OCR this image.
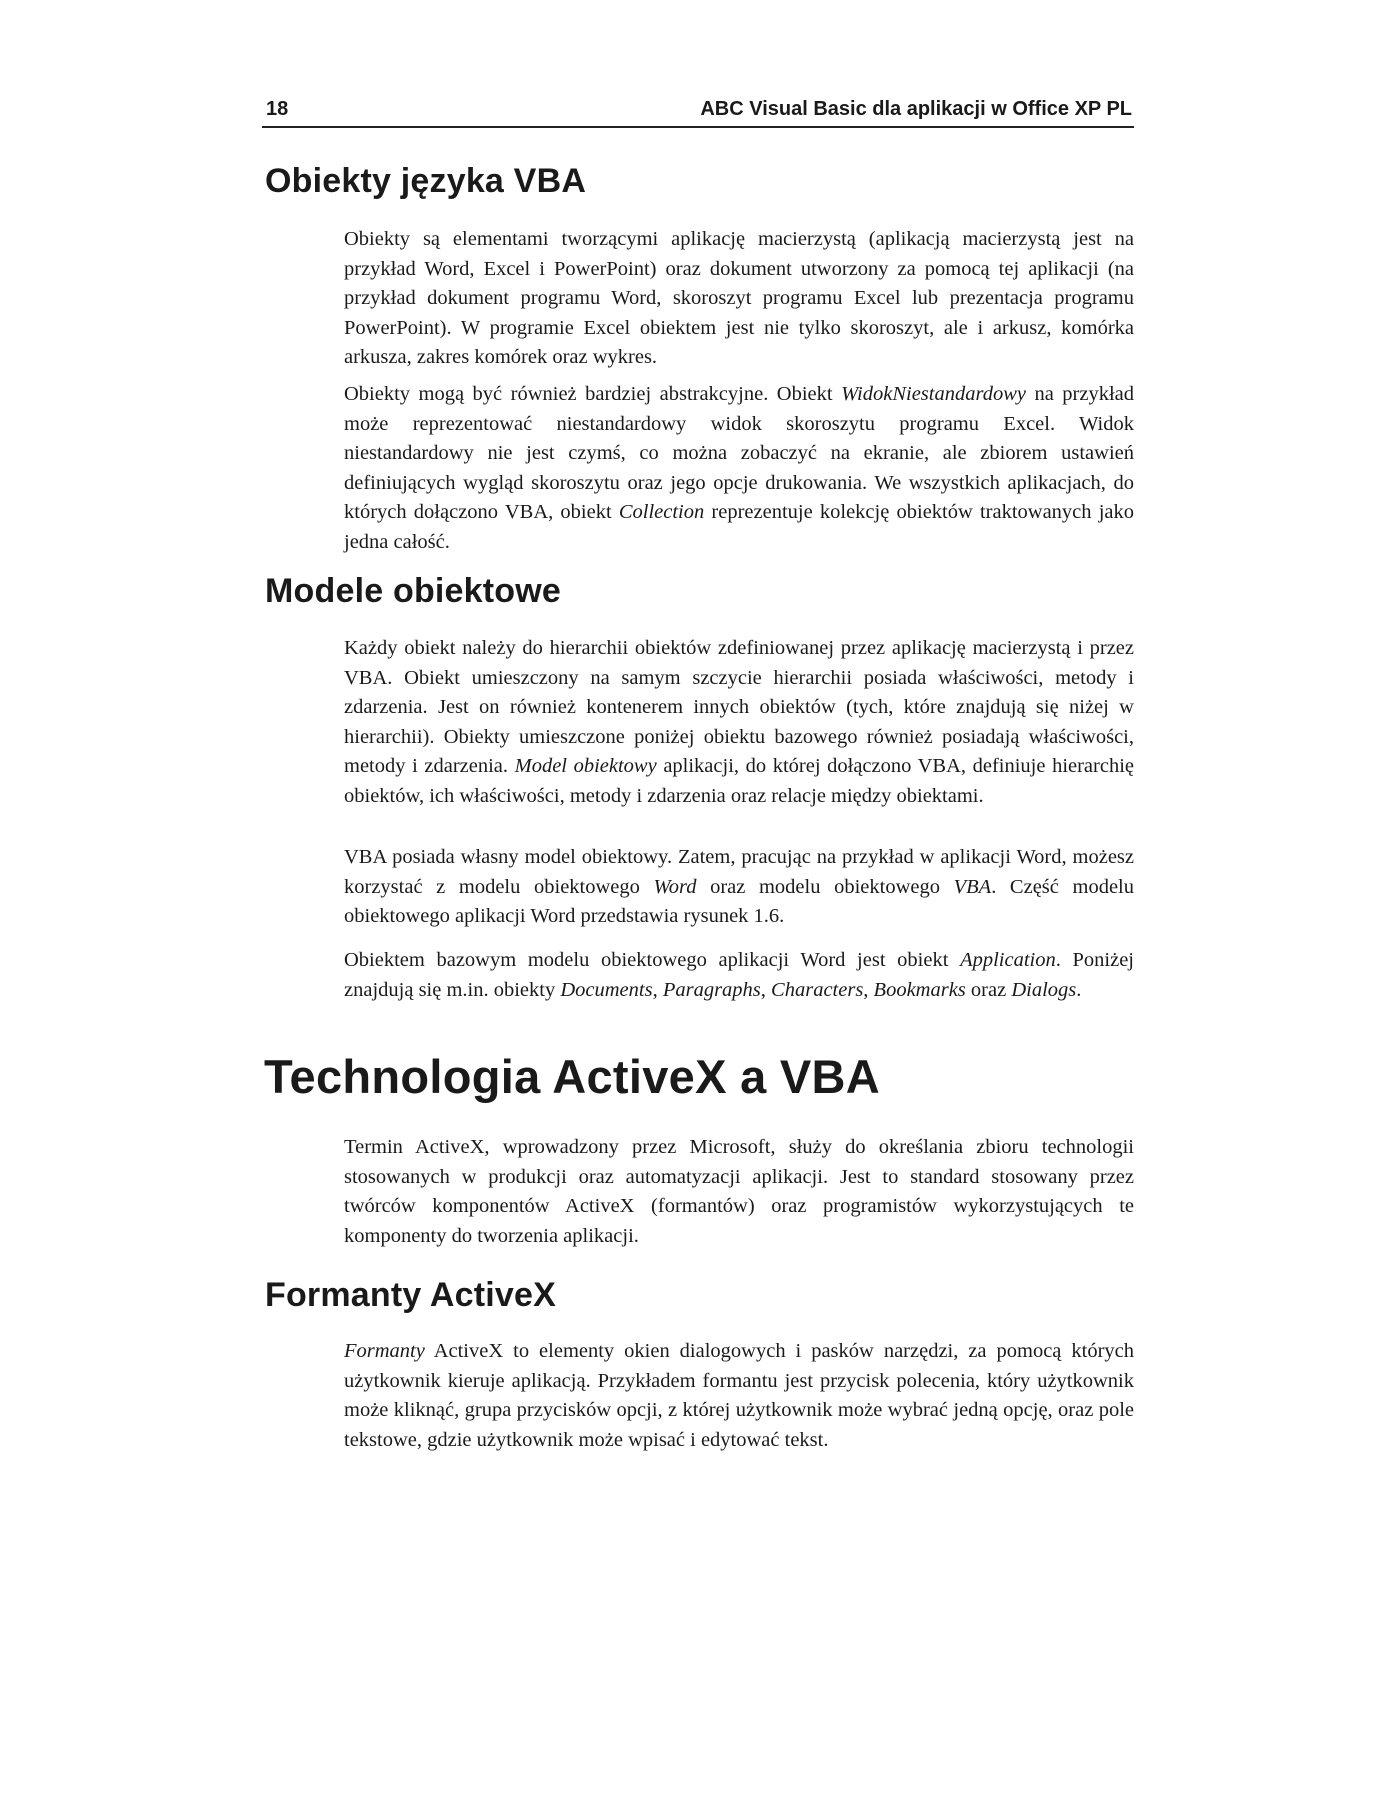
18	ABC Visual Basic dla aplikacji w Office XP PL
Obiekty języka VBA

Obiekty są elementami tworzącymi aplikację macierzystą (aplikacją macierzystą jest na przykład Word, Excel i PowerPoint) oraz dokument utworzony za pomocą tej aplikacji (na przykład dokument programu Word, skoroszyt programu Excel lub prezentacja programu PowerPoint). W programie Excel obiektem jest nie tylko skoroszyt, ale i arkusz, komórka arkusza, zakres komórek oraz wykres.

Obiekty mogą być również bardziej abstrakcyjne. Obiekt WidokNiestandardowy na przykład może reprezentować niestandardowy widok skoroszytu programu Excel. Widok niestandardowy nie jest czymś, co można zobaczyć na ekranie, ale zbiorem ustawień definiujących wygląd skoroszytu oraz jego opcje drukowania. We wszystkich aplikacjach, do których dołączono VBA, obiekt Collection reprezentuje kolekcję obiektów traktowanych jako jedna całość.

Modele obiektowe

Każdy obiekt należy do hierarchii obiektów zdefiniowanej przez aplikację macierzystą i przez VBA. Obiekt umieszczony na samym szczycie hierarchii posiada właściwości, metody i zdarzenia. Jest on również kontenerem innych obiektów (tych, które znajdują się niżej w hierarchii). Obiekty umieszczone poniżej obiektu bazowego również posiadają właściwości, metody i zdarzenia. Model obiektowy aplikacji, do której dołączono VBA, definiuje hierarchię obiektów, ich właściwości, metody i zdarzenia oraz relacje między obiektami.

VBA posiada własny model obiektowy. Zatem, pracując na przykład w aplikacji Word, możesz korzystać z modelu obiektowego Word oraz modelu obiektowego VBA. Część modelu obiektowego aplikacji Word przedstawia rysunek 1.6.

Obiektem bazowym modelu obiektowego aplikacji Word jest obiekt Application. Poniżej znajdują się m.in. obiekty Documents, Paragraphs, Characters, Bookmarks oraz Dialogs.

Technologia ActiveX a VBA

Termin ActiveX, wprowadzony przez Microsoft, służy do określania zbioru technologii stosowanych w produkcji oraz automatyzacji aplikacji. Jest to standard stosowany przez twórców komponentów ActiveX (formantów) oraz programistów wykorzystujących te komponenty do tworzenia aplikacji.

Formanty ActiveX

Formanty ActiveX to elementy okien dialogowych i pasków narzędzi, za pomocą których użytkownik kieruje aplikacją. Przykładem formantu jest przycisk polecenia, który użytkownik może kliknąć, grupa przycisków opcji, z której użytkownik może wybrać jedną opcję, oraz pole tekstowe, gdzie użytkownik może wpisać i edytować tekst.
